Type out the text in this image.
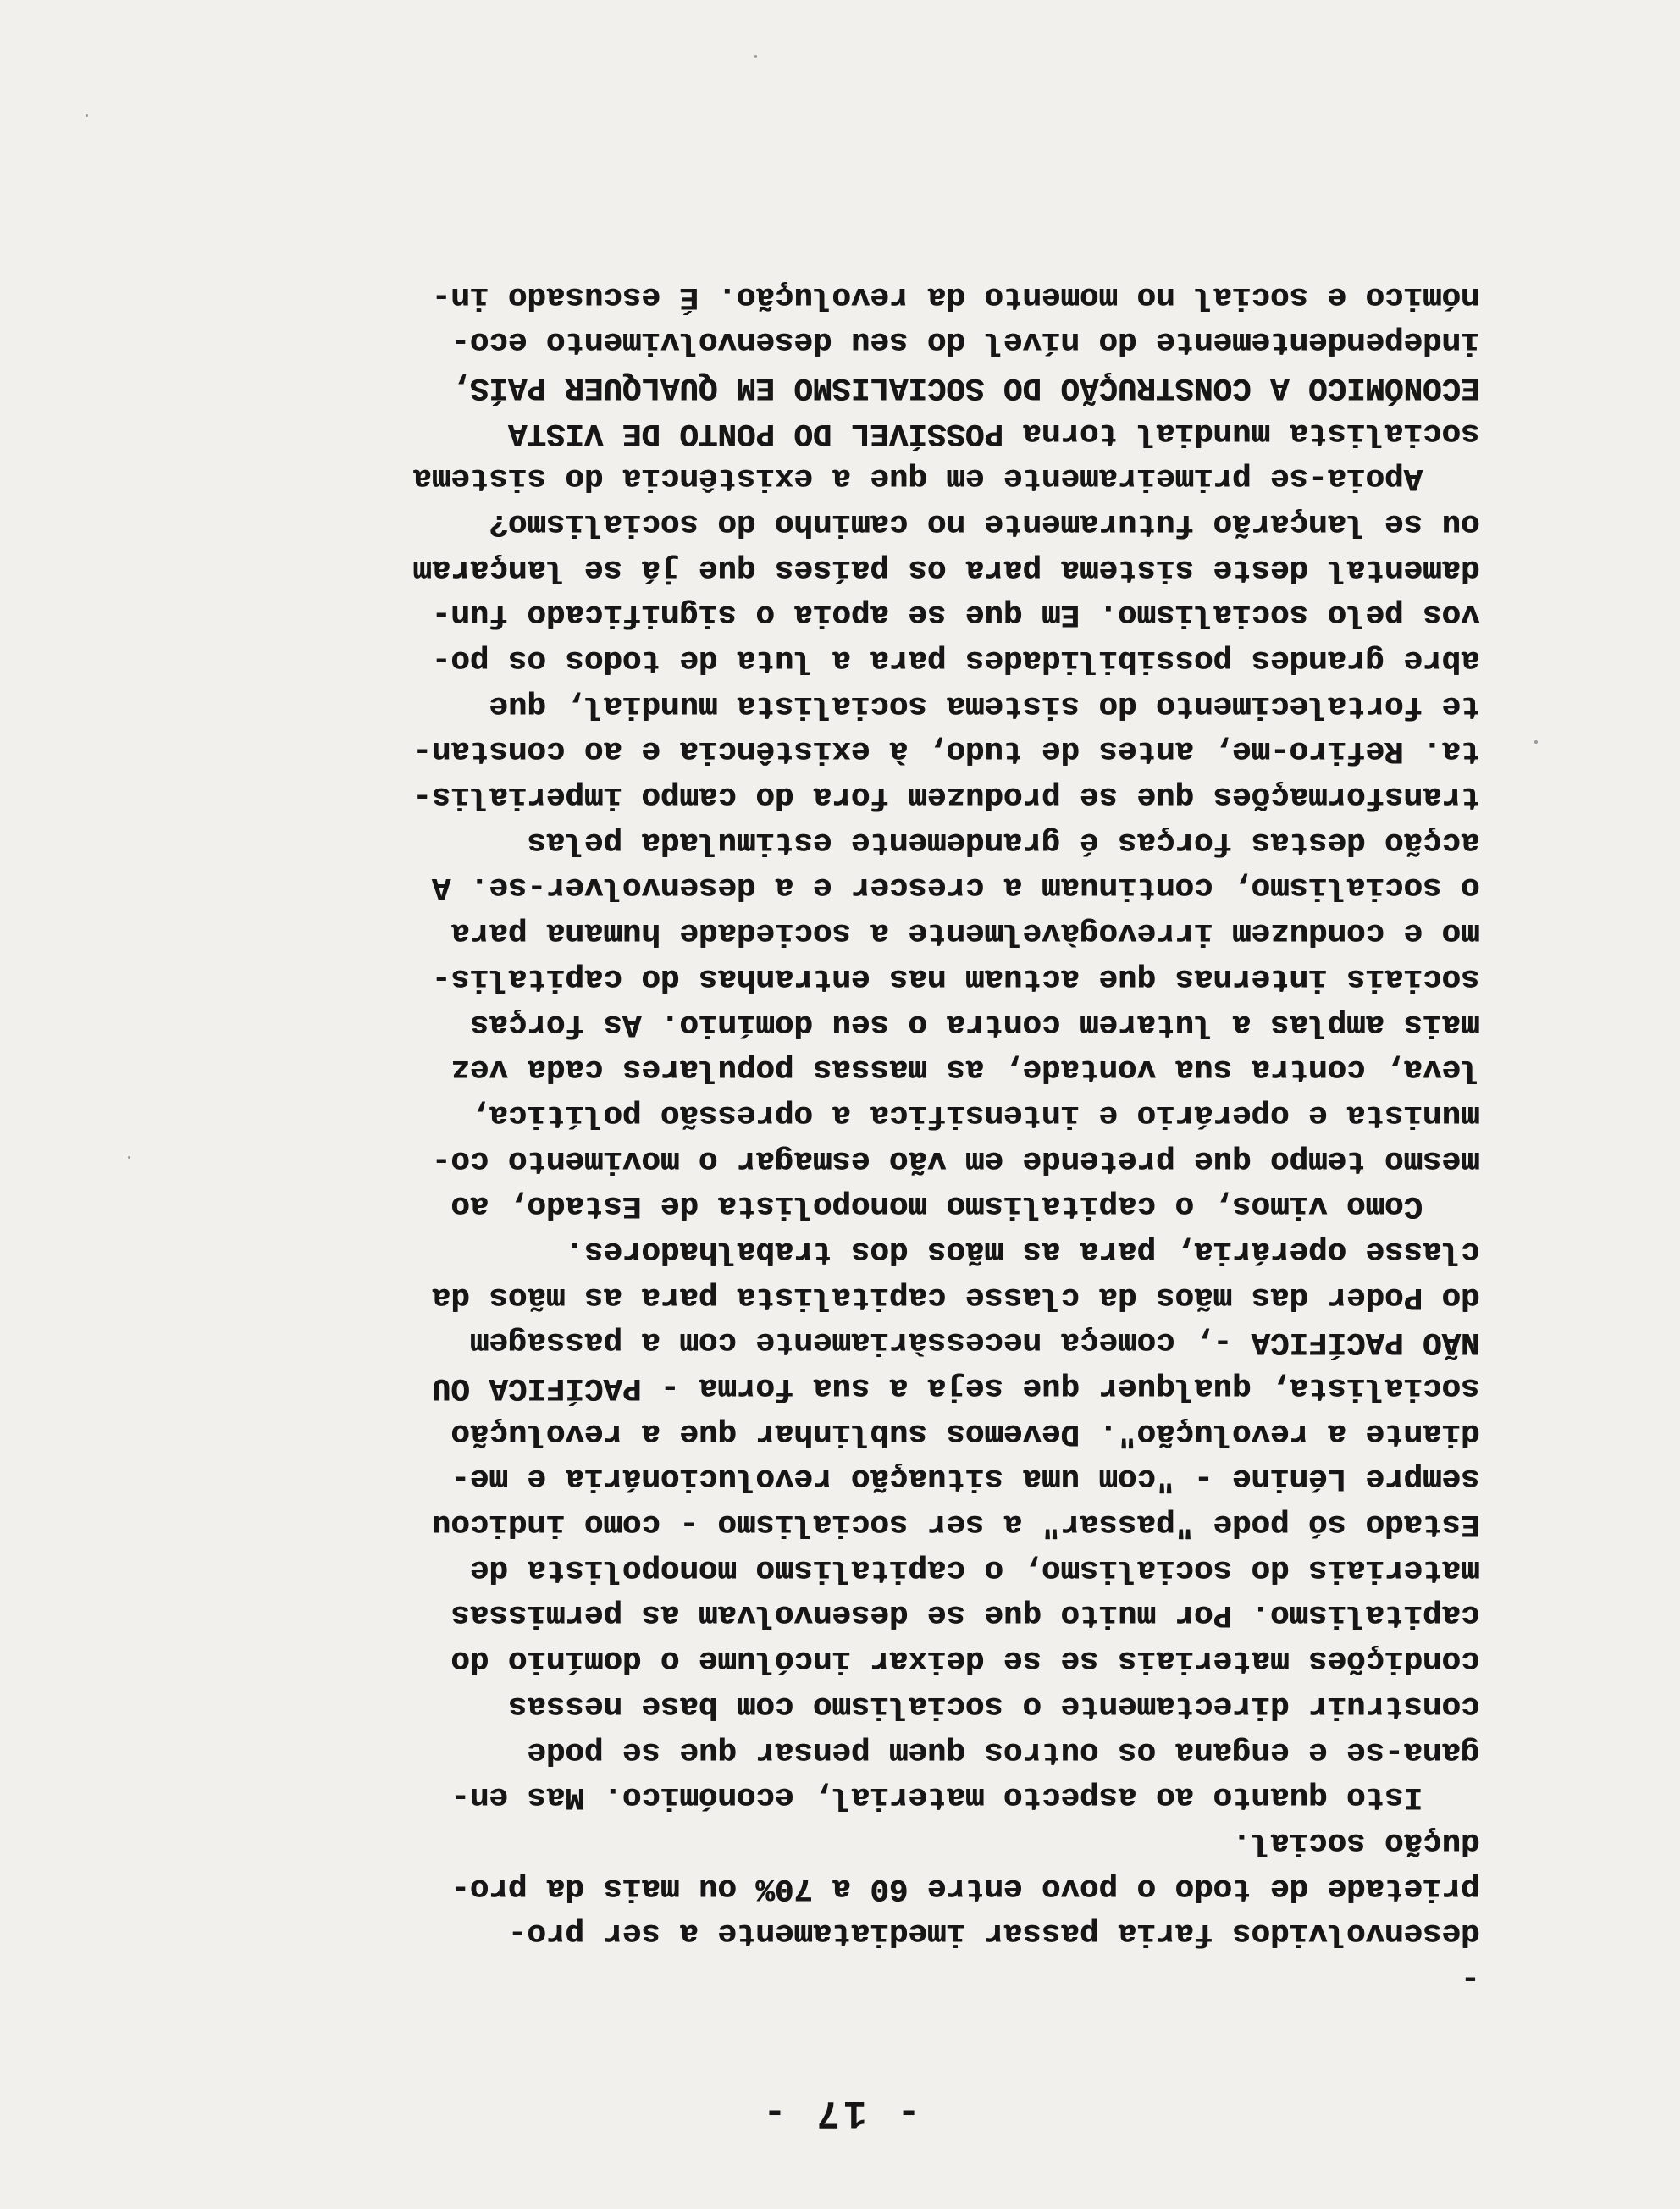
- 17 -
-
desenvolvidos faria passar imediatamente a ser pro-
prietade de todo o povo entre 60 a 70% ou mais da pro-
dução social.
Isto quanto ao aspecto material, económico. Mas en-
gana-se e engana os outros quem pensar que se pode
construir directamente o socialismo com base nessas
condições materiais se se deixar incólume o domínio do
capitalismo. Por muito que se desenvolvam as permissas
materiais do socialismo, o capitalismo monopolista de
Estado só pode "passar" a ser socialismo - como indicou
sempre Lénine - "com uma situação revolucionária e me-
diante a revolução". Devemos sublinhar que a revolução
socialista, qualquer que seja a sua forma - PACÍFICA OU
NÃO PACÍFICA -, começa necessàriamente com a passagem
do Poder das mãos da classe capitalista para as mãos da
classe operária, para as mãos dos trabalhadores.
Como vimos, o capitalismo monopolista de Estado, ao
mesmo tempo que pretende em vão esmagar o movimento co-
munista e operário e intensifica a opressão política,
leva, contra sua vontade, as massas populares cada vez
mais amplas a lutarem contra o seu domínio. As forças
sociais internas que actuam nas entranhas do capitalis-
mo e conduzem irrevogàvelmente a sociedade humana para
o socialismo, continuam a crescer e a desenvolver-se. A
acção destas forças é grandemente estimulada pelas
transformações que se produzem fora do campo imperialis-
ta. Refiro-me, antes de tudo, à existência e ao constan-
te fortalecimento do sistema socialista mundial, que
abre grandes possibilidades para a luta de todos os po-
vos pelo socialismo. Em que se apoia o significado fun-
damental deste sistema para os países que já se lançaram
ou se lançarão futuramente no caminho do socialismo?
Apoia-se primeiramente em que a existência do sistema
socialista mundial torna POSSÍVEL DO PONTO DE VISTA
ECONÓMICO A CONSTRUÇÃO DO SOCIALISMO EM QUALQUER PAÍS,
independentemente do nível do seu desenvolvimento eco-
nómico e social no momento da revolução. É escusado in-
